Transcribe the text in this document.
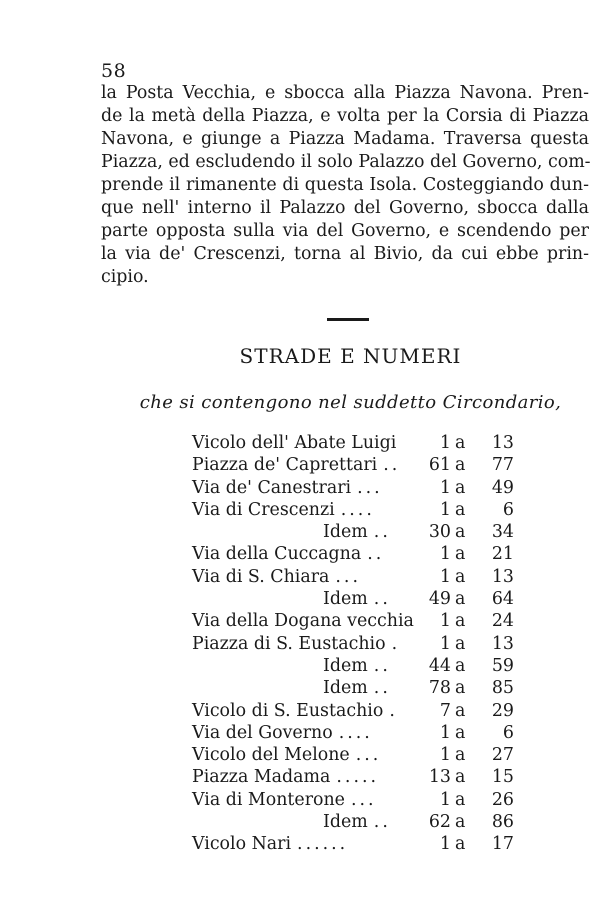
58
la Posta Vecchia, e sbocca alla Piazza Navona. Pren-
de la metà della Piazza, e volta per la Corsia di Piazza
Navona, e giunge a Piazza Madama. Traversa questa
Piazza, ed escludendo il solo Palazzo del Governo, com-
prende il rimanente di questa Isola. Costeggiando dun-
que nell' interno il Palazzo del Governo, sbocca dalla
parte opposta sulla via del Governo, e scendendo per
la via de' Crescenzi, torna al Bivio, da cui ebbe prin-
cipio.
STRADE E NUMERI
che si contengono nel suddetto Circondario,
Vicolo dell' Abate Luigi	1 a 13
Piazza de' Caprettari .. 61 a 77
Via de' Canestrari ...	1 a 49
Via di Crescenzi ....	1 a 6
Idem .. 30 a 34
Via della Cuccagna ..	1 a 21
Via di S. Chiara ...	1 a 13
Idem .. 49 a 64
Via della Dogana vecchia 1 a 24
Piazza di S. Eustachio . 1 a 13
Idem .. 44 a 59
Idem .. 78 a 85
Vicolo di S. Eustachio . 7 a 29
Via del Governo ....	1 a 6
Vicolo del Melone ...	1 a 27
Piazza Madama .....	13 a 15
Via di Monterone ...	1 a 26
Idem .. 62 a 86
Vicolo Nari ......	1 a 17
